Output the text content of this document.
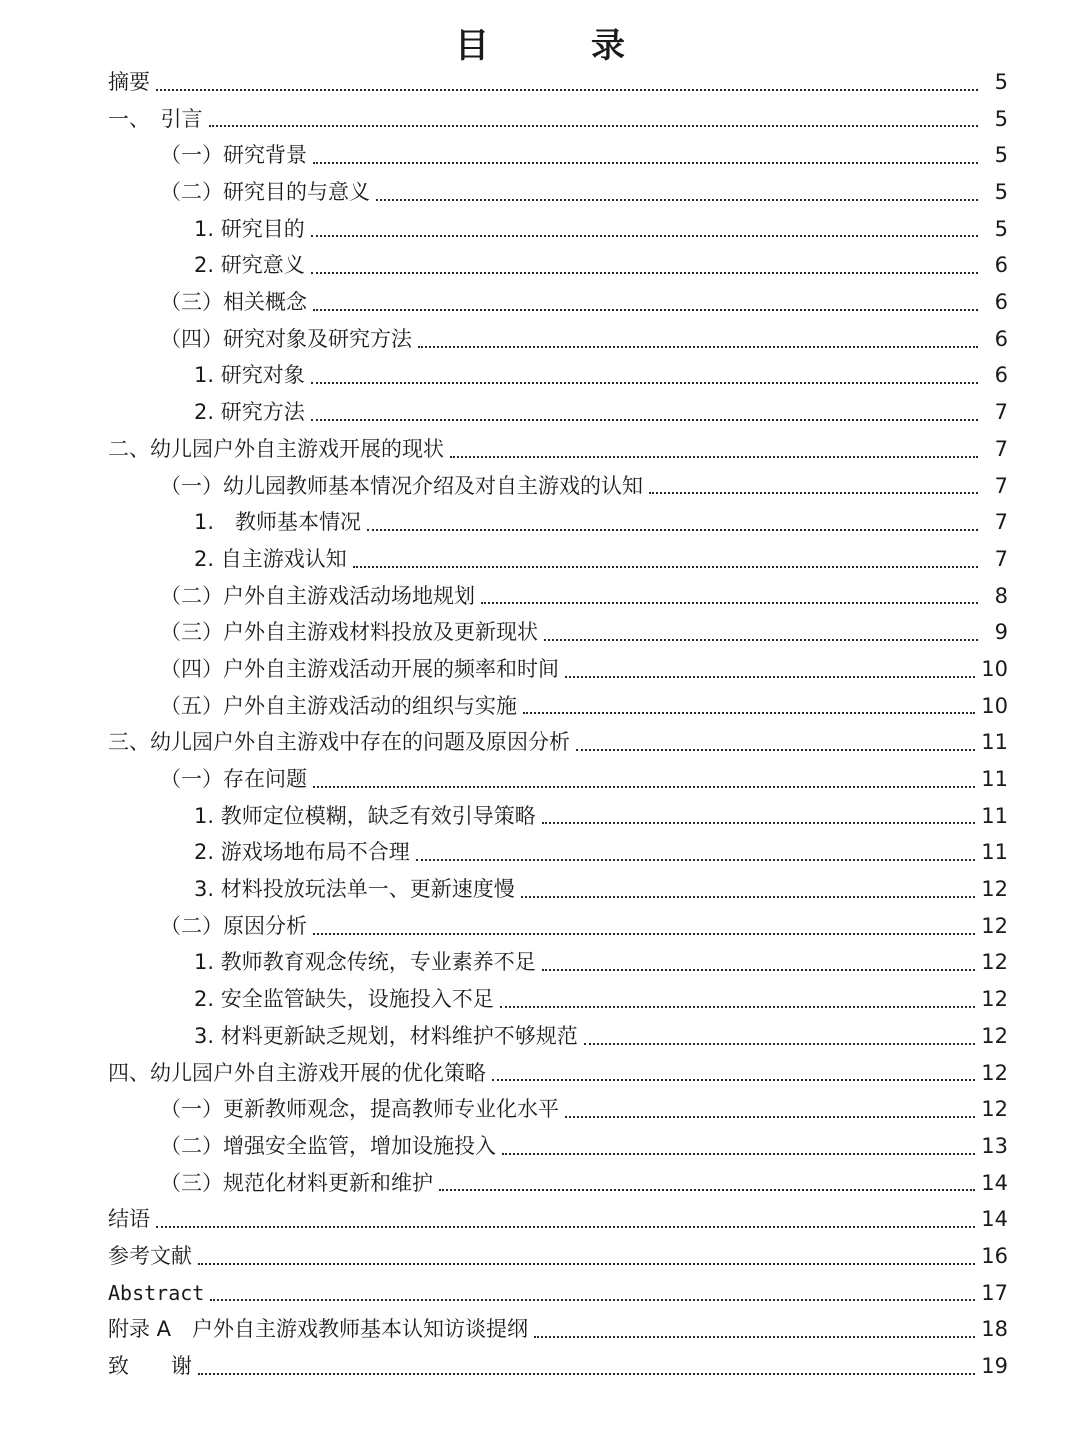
目　录
摘要	5
一、　引言	5
（一）研究背景	5
（二）研究目的与意义	5
1. 研究目的	5
2. 研究意义	6
（三）相关概念	6
（四）研究对象及研究方法	6
1. 研究对象	6
2. 研究方法	7
二、幼儿园户外自主游戏开展的现状	7
（一）幼儿园教师基本情况介绍及对自主游戏的认知	7
1.　教师基本情况	7
2. 自主游戏认知	7
（二）户外自主游戏活动场地规划	8
（三）户外自主游戏材料投放及更新现状	9
（四）户外自主游戏活动开展的频率和时间	10
（五）户外自主游戏活动的组织与实施	10
三、幼儿园户外自主游戏中存在的问题及原因分析	11
（一）存在问题	11
1. 教师定位模糊，缺乏有效引导策略	11
2. 游戏场地布局不合理	11
3. 材料投放玩法单一、更新速度慢	12
（二）原因分析	12
1. 教师教育观念传统，专业素养不足	12
2. 安全监管缺失，设施投入不足	12
3. 材料更新缺乏规划，材料维护不够规范	12
四、幼儿园户外自主游戏开展的优化策略	12
（一）更新教师观念，提高教师专业化水平	12
（二）增强安全监管，增加设施投入	13
（三）规范化材料更新和维护	14
结语	14
参考文献	16
Abstract	17
附录 A　户外自主游戏教师基本认知访谈提纲	18
致　　谢	19
